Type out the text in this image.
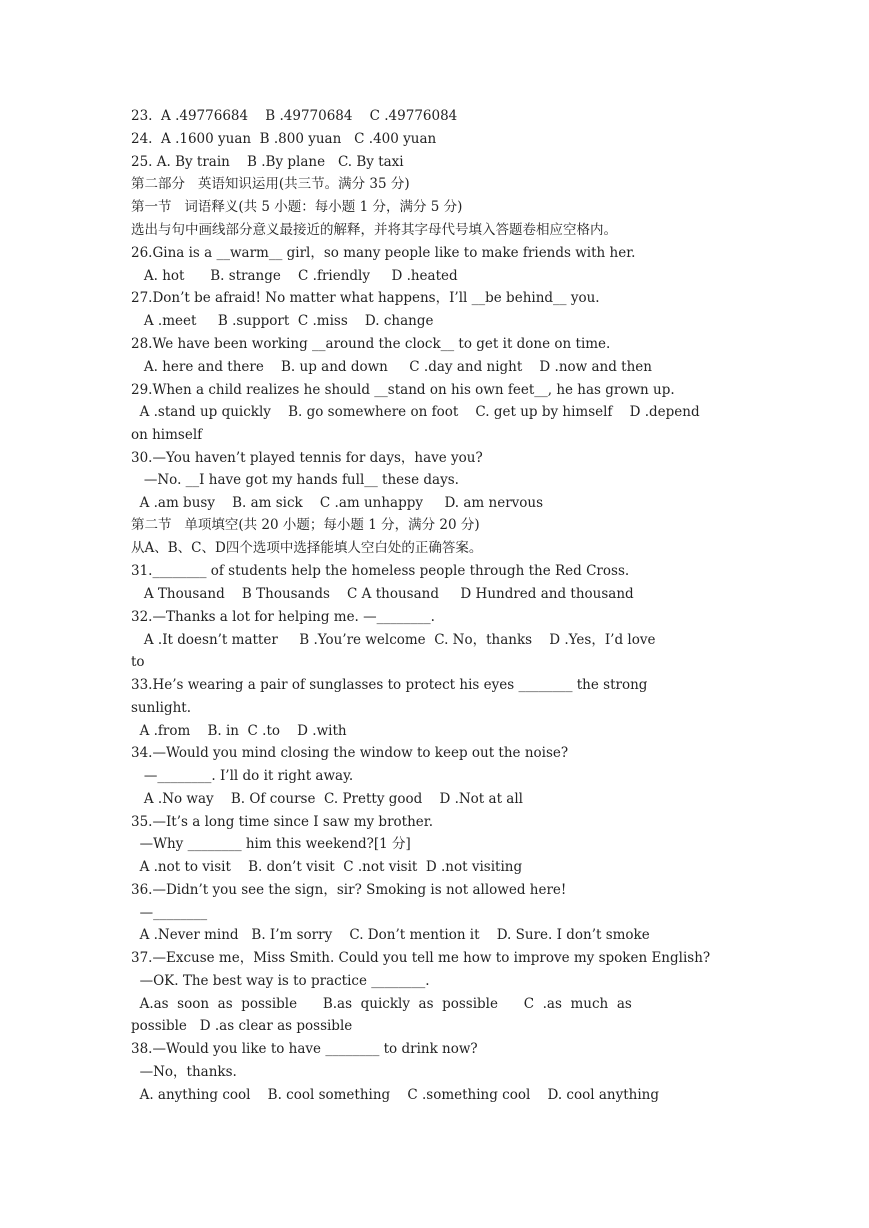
23.  A .49776684    B .49770684    C .49776084
24.  A .1600 yuan  B .800 yuan   C .400 yuan
25. A. By train    B .By plane   C. By taxi
第二部分   英语知识运用(共三节。满分 35 分)
第一节   词语释义(共 5 小题：每小题 1 分，满分 5 分)
选出与句中画线部分意义最接近的解释，并将其字母代号填入答题卷相应空格内。
26.Gina is a __warm__ girl，so many people like to make friends with her.
A. hot      B. strange    C .friendly     D .heated
27.Don’t be afraid! No matter what happens，I’ll __be behind__ you.
A .meet     B .support  C .miss    D. change
28.We have been working __around the clock__ to get it done on time.
A. here and there    B. up and down     C .day and night    D .now and then
29.When a child realizes he should __stand on his own feet__, he has grown up.
A .stand up quickly    B. go somewhere on foot    C. get up by himself    D .depend
on himself
30.—You haven’t played tennis for days，have you?
—No. __I have got my hands full__ these days.
A .am busy    B. am sick    C .am unhappy     D. am nervous
第二节   单项填空(共 20 小题；每小题 1 分，满分 20 分)
从A、B、C、D四个选项中选择能填人空白处的正确答案。
31.________ of students help the homeless people through the Red Cross.
A Thousand    B Thousands    C A thousand     D Hundred and thousand
32.—Thanks a lot for helping me. —________.
A .It doesn’t matter     B .You’re welcome  C. No，thanks    D .Yes，I’d love
to
33.He’s wearing a pair of sunglasses to protect his eyes ________ the strong
sunlight.
A .from    B. in  C .to    D .with
34.—Would you mind closing the window to keep out the noise?
—________. I’ll do it right away.
A .No way    B. Of course  C. Pretty good    D .Not at all
35.—It’s a long time since I saw my brother.
—Why ________ him this weekend?[1 分]
A .not to visit    B. don’t visit  C .not visit  D .not visiting
36.—Didn’t you see the sign，sir? Smoking is not allowed here!
—________
A .Never mind   B. I’m sorry    C. Don’t mention it    D. Sure. I don’t smoke
37.—Excuse me，Miss Smith. Could you tell me how to improve my spoken English?
—OK. The best way is to practice ________.
A.as  soon  as  possible      B.as  quickly  as  possible      C  .as  much  as
possible   D .as clear as possible
38.—Would you like to have ________ to drink now?
—No，thanks.
A. anything cool    B. cool something    C .something cool    D. cool anything
